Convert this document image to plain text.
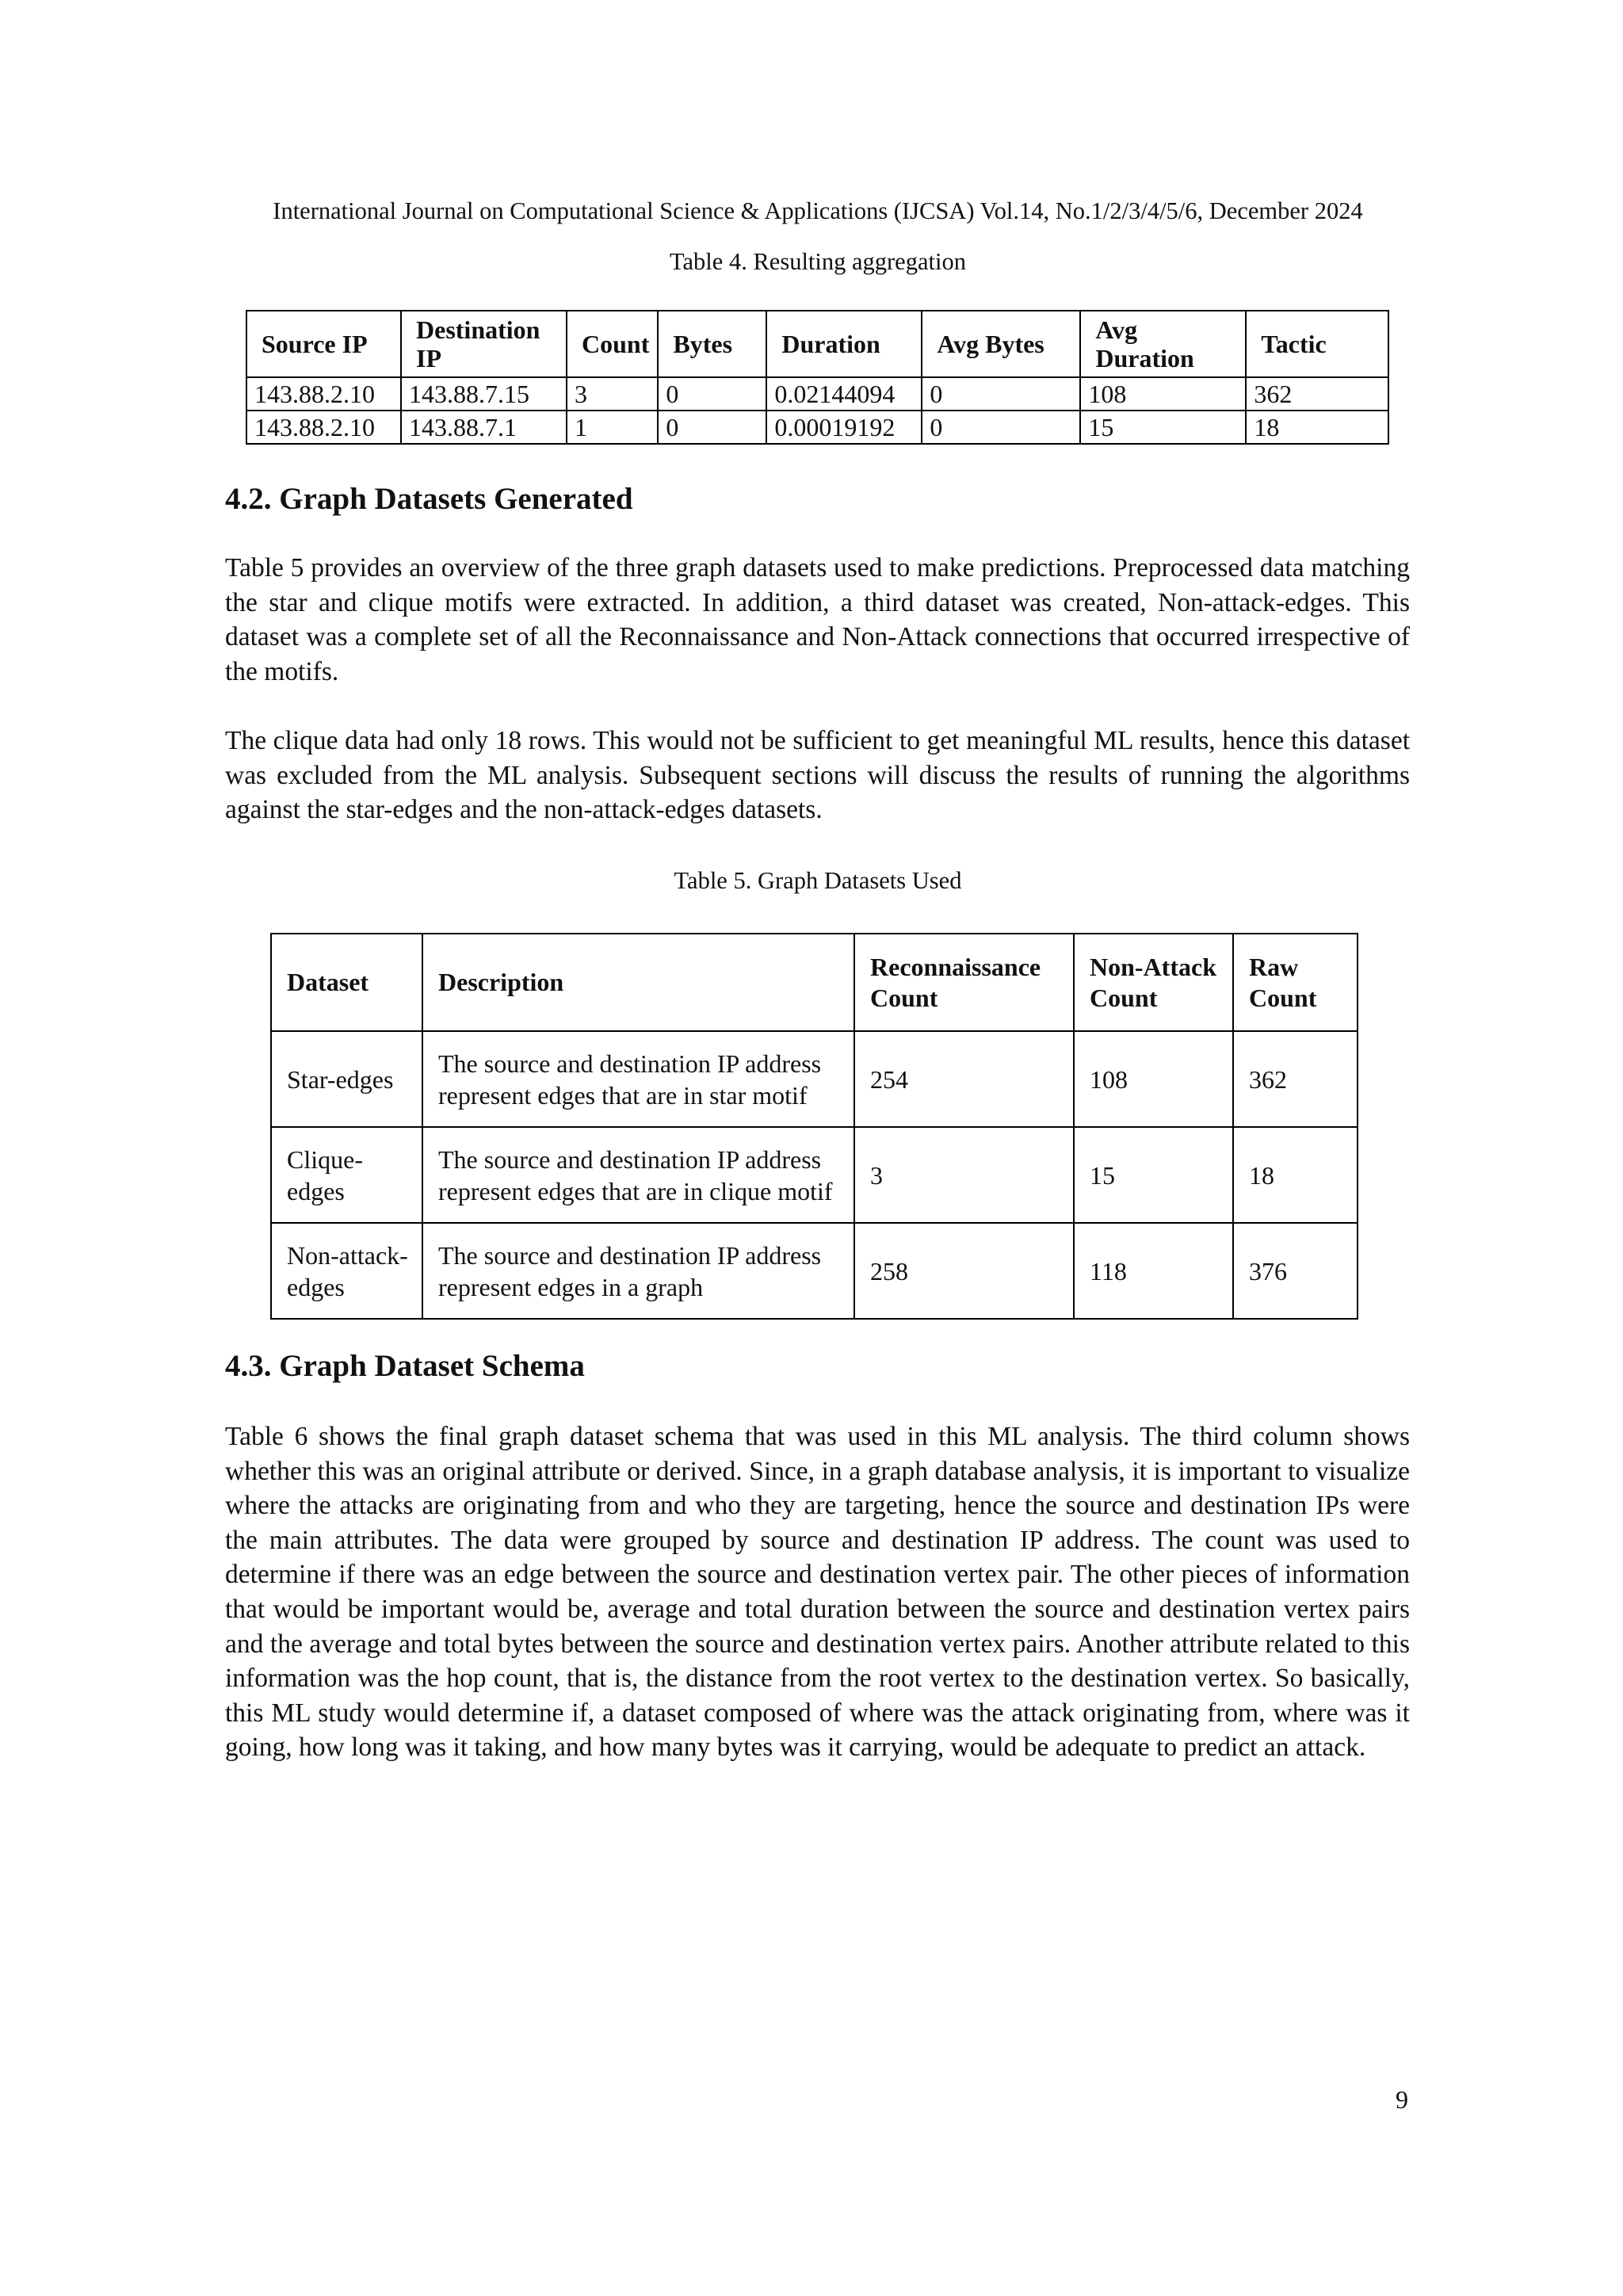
International Journal on Computational Science & Applications (IJCSA) Vol.14, No.1/2/3/4/5/6, December 2024
Table 4. Resulting aggregation
Source IP	Destination IP	Count	Bytes	Duration	Avg Bytes	Avg Duration	Tactic
143.88.2.10	143.88.7.15	3	0	0.02144094	0	108	362
143.88.2.10	143.88.7.1	1	0	0.00019192	0	15	18
4.2. Graph Datasets Generated

Table 5 provides an overview of the three graph datasets used to make predictions. Preprocessed data matching the star and clique motifs were extracted. In addition, a third dataset was created, Non-attack-edges. This dataset was a complete set of all the Reconnaissance and Non-Attack connections that occurred irrespective of the motifs.

The clique data had only 18 rows. This would not be sufficient to get meaningful ML results, hence this dataset was excluded from the ML analysis. Subsequent sections will discuss the results of running the algorithms against the star-edges and the non-attack-edges datasets.

Table 5. Graph Datasets Used
Dataset	Description	Reconnaissance Count	Non-Attack Count	Raw Count
Star-edges	The source and destination IP address represent edges that are in star motif	254	108	362
Clique-edges	The source and destination IP address represent edges that are in clique motif	3	15	18
Non-attack-edges	The source and destination IP address represent edges in a graph	258	118	376
4.3. Graph Dataset Schema

Table 6 shows the final graph dataset schema that was used in this ML analysis. The third column shows whether this was an original attribute or derived. Since, in a graph database analysis, it is important to visualize where the attacks are originating from and who they are targeting, hence the source and destination IPs were the main attributes. The data were grouped by source and destination IP address. The count was used to determine if there was an edge between the source and destination vertex pair. The other pieces of information that would be important would be, average and total duration between the source and destination vertex pairs and the average and total bytes between the source and destination vertex pairs. Another attribute related to this information was the hop count, that is, the distance from the root vertex to the destination vertex. So basically, this ML study would determine if, a dataset composed of where was the attack originating from, where was it going, how long was it taking, and how many bytes was it carrying, would be adequate to predict an attack.

9
